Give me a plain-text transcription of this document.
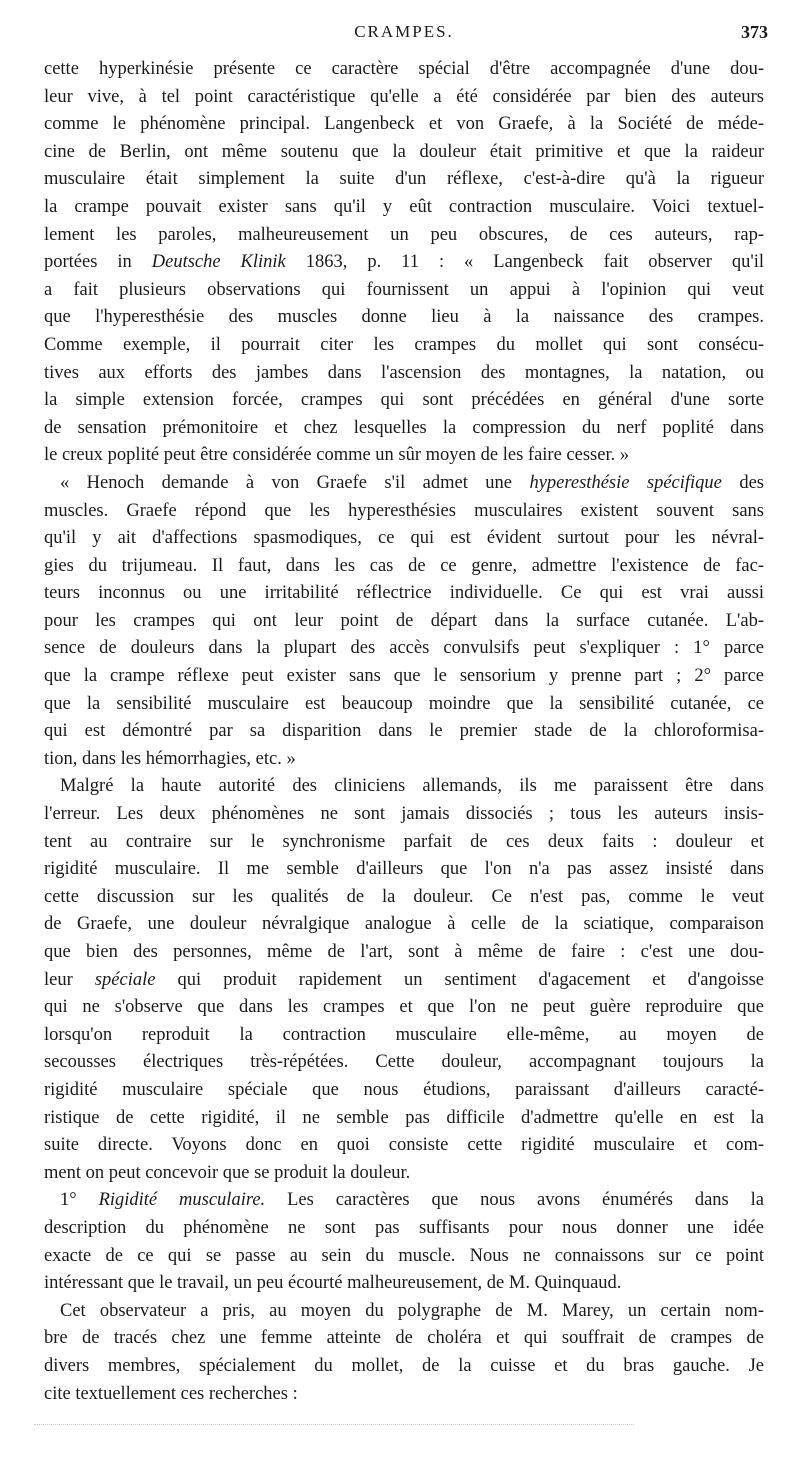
CRAMPES.	373
cette hyperkinésie présente ce caractère spécial d'être accompagnée d'une dou-
leur vive, à tel point caractéristique qu'elle a été considérée par bien des auteurs
comme le phénomène principal. Langenbeck et von Graefe, à la Société de méde-
cine de Berlin, ont même soutenu que la douleur était primitive et que la raideur
musculaire était simplement la suite d'un réflexe, c'est-à-dire qu'à la rigueur
la crampe pouvait exister sans qu'il y eût contraction musculaire. Voici textuel-
lement les paroles, malheureusement un peu obscures, de ces auteurs, rap-
portées in Deutsche Klinik 1863, p. 11 : « Langenbeck fait observer qu'il
a fait plusieurs observations qui fournissent un appui à l'opinion qui veut
que l'hyperesthésie des muscles donne lieu à la naissance des crampes.
Comme exemple, il pourrait citer les crampes du mollet qui sont consécu-
tives aux efforts des jambes dans l'ascension des montagnes, la natation, ou
la simple extension forcée, crampes qui sont précédées en général d'une sorte
de sensation prémonitoire et chez lesquelles la compression du nerf poplité dans
le creux poplité peut être considérée comme un sûr moyen de les faire cesser. »
« Henoch demande à von Graefe s'il admet une hyperesthésie spécifique des
muscles. Graefe répond que les hyperesthésies musculaires existent souvent sans
qu'il y ait d'affections spasmodiques, ce qui est évident surtout pour les névral-
gies du trijumeau. Il faut, dans les cas de ce genre, admettre l'existence de fac-
teurs inconnus ou une irritabilité réflectrice individuelle. Ce qui est vrai aussi
pour les crampes qui ont leur point de départ dans la surface cutanée. L'ab-
sence de douleurs dans la plupart des accès convulsifs peut s'expliquer : 1° parce
que la crampe réflexe peut exister sans que le sensorium y prenne part ; 2° parce
que la sensibilité musculaire est beaucoup moindre que la sensibilité cutanée, ce
qui est démontré par sa disparition dans le premier stade de la chloroformisa-
tion, dans les hémorrhagies, etc. »
Malgré la haute autorité des cliniciens allemands, ils me paraissent être dans
l'erreur. Les deux phénomènes ne sont jamais dissociés ; tous les auteurs insis-
tent au contraire sur le synchronisme parfait de ces deux faits : douleur et
rigidité musculaire. Il me semble d'ailleurs que l'on n'a pas assez insisté dans
cette discussion sur les qualités de la douleur. Ce n'est pas, comme le veut
de Graefe, une douleur névralgique analogue à celle de la sciatique, comparaison
que bien des personnes, même de l'art, sont à même de faire : c'est une dou-
leur spéciale qui produit rapidement un sentiment d'agacement et d'angoisse
qui ne s'observe que dans les crampes et que l'on ne peut guère reproduire que
lorsqu'on reproduit la contraction musculaire elle-même, au moyen de
secousses électriques très-répétées. Cette douleur, accompagnant toujours la
rigidité musculaire spéciale que nous étudions, paraissant d'ailleurs caracté-
ristique de cette rigidité, il ne semble pas difficile d'admettre qu'elle en est la
suite directe. Voyons donc en quoi consiste cette rigidité musculaire et com-
ment on peut concevoir que se produit la douleur.
1° Rigidité musculaire. Les caractères que nous avons énumérés dans la
description du phénomène ne sont pas suffisants pour nous donner une idée
exacte de ce qui se passe au sein du muscle. Nous ne connaissons sur ce point
intéressant que le travail, un peu écourté malheureusement, de M. Quinquaud.
Cet observateur a pris, au moyen du polygraphe de M. Marey, un certain nom-
bre de tracés chez une femme atteinte de choléra et qui souffrait de crampes de
divers membres, spécialement du mollet, de la cuisse et du bras gauche. Je
cite textuellement ces recherches :
